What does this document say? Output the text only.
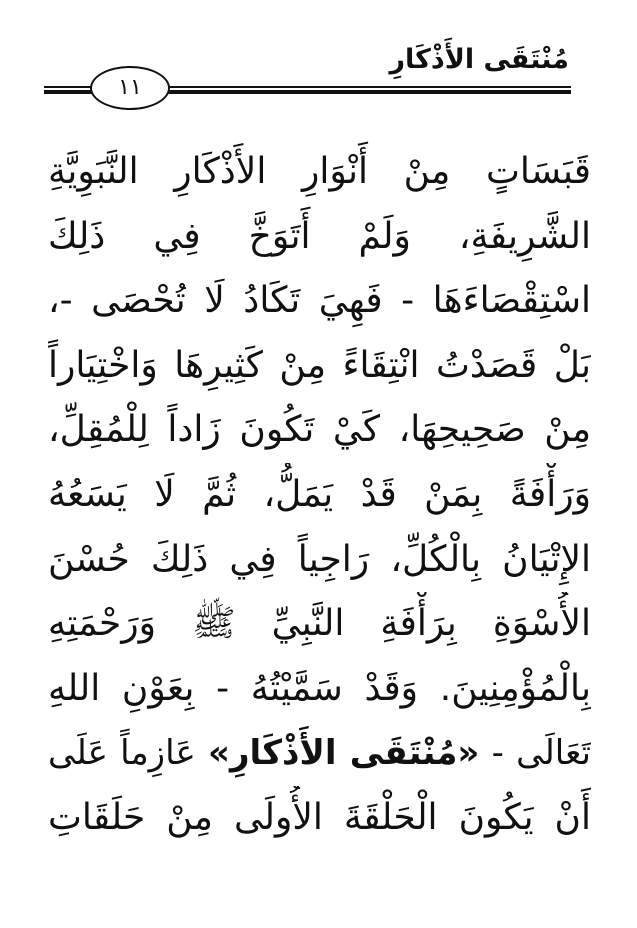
مُنْتَقَى الأَذْكَارِ
١١
قَبَسَاتٍ مِنْ أَنْوَارِ الأَذْكَارِ النَّبَوِيَّةِ
الشَّرِيفَةِ، وَلَمْ أَتَوَخَّ فِي ذَلِكَ
اسْتِقْصَاءَهَا - فَهِيَ تَكَادُ لَا تُحْصَى -،
بَلْ قَصَدْتُ انْتِقَاءً مِنْ كَثِيرِهَا وَاخْتِيَاراً
مِنْ صَحِيحِهَا، كَيْ تَكُونَ زَاداً لِلْمُقِلِّ،
وَرَأْفَةً بِمَنْ قَدْ يَمَلُّ، ثُمَّ لَا يَسَعُهُ
الإِتْيَانُ بِالْكُلِّ، رَاجِياً فِي ذَلِكَ حُسْنَ
الأُسْوَةِ بِرَأْفَةِ النَّبِيِّ ﷺ وَرَحْمَتِهِ
بِالْمُؤْمِنِينَ. وَقَدْ سَمَّيْتُهُ - بِعَوْنِ اللهِ
تَعَالَى - «مُنْتَقَى الأَذْكَارِ» عَازِماً عَلَى
أَنْ يَكُونَ الْحَلْقَةَ الأُولَى مِنْ حَلَقَاتِ
